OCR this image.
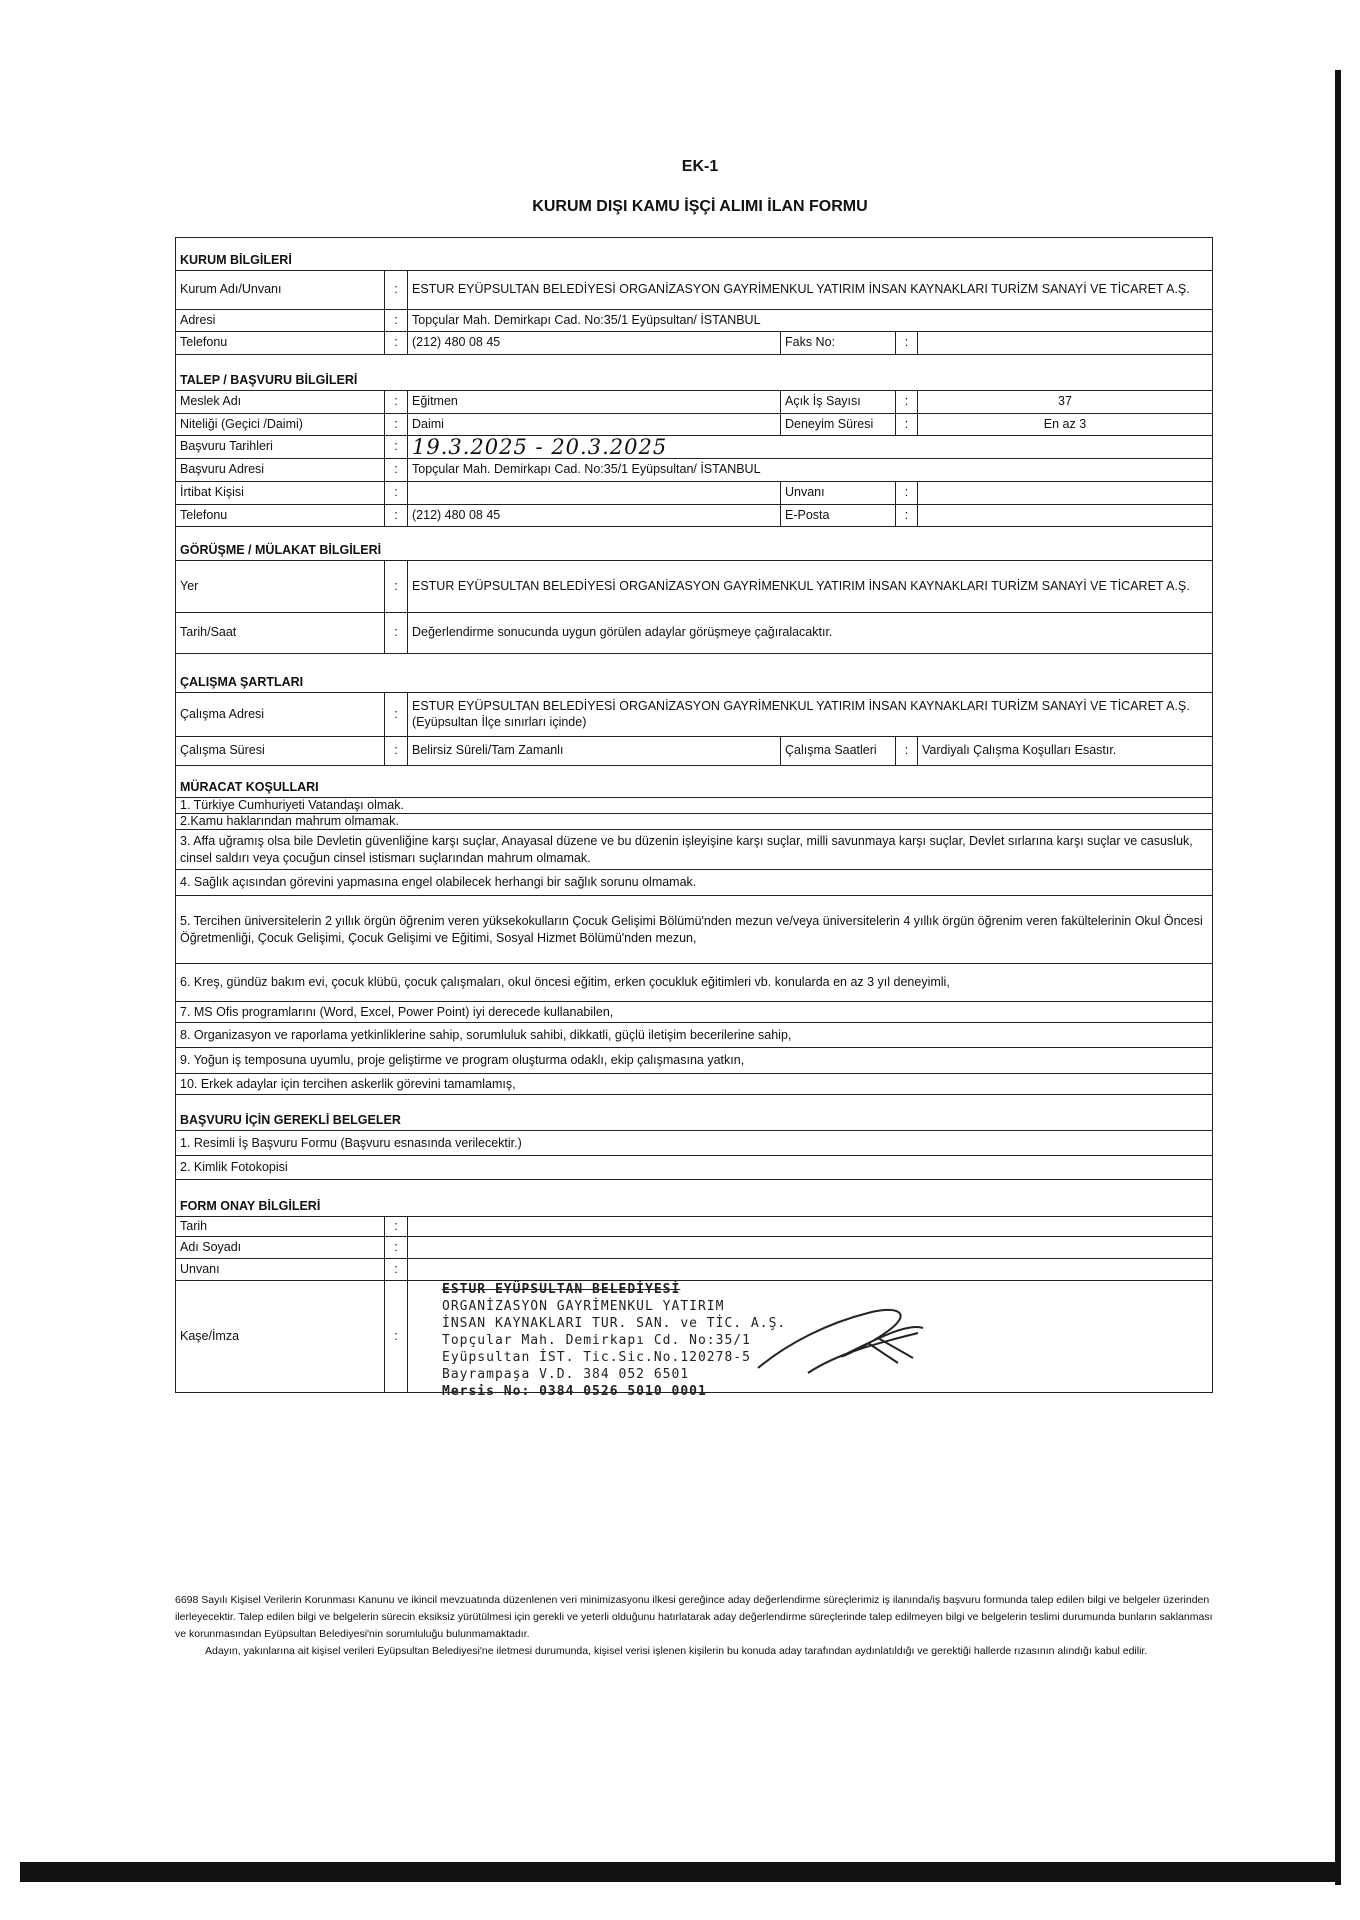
EK-1
KURUM DIŞI KAMU İŞÇİ ALIMI İLAN FORMU
KURUM BİLGİLERİ
Kurum Adı/Unvanı	:	ESTUR EYÜPSULTAN BELEDİYESİ ORGANİZASYON GAYRİMENKUL YATIRIM İNSAN KAYNAKLARI TURİZM SANAYİ VE TİCARET A.Ş.
Adresi	:	Topçular Mah. Demirkapı Cad. No:35/1 Eyüpsultan/ İSTANBUL
Telefonu	:	(212) 480 08 45	Faks No:	:
TALEP / BAŞVURU BİLGİLERİ
Meslek Adı	:	Eğitmen	Açık İş Sayısı	:	37
Niteliği (Geçici /Daimi)	:	Daimi	Deneyim Süresi	:	En az 3
Başvuru Tarihleri	: 19.3.2025 - 20.3.2025
Başvuru Adresi	:	Topçular Mah. Demirkapı Cad. No:35/1 Eyüpsultan/ İSTANBUL
İrtibat Kişisi	:	Unvanı	:
Telefonu	:	(212) 480 08 45	E-Posta	:
GÖRÜŞME / MÜLAKAT BİLGİLERİ
Yer	:	ESTUR EYÜPSULTAN BELEDİYESİ ORGANİZASYON GAYRİMENKUL YATIRIM İNSAN KAYNAKLARI TURİZM SANAYİ VE TİCARET A.Ş.
Tarih/Saat	:	Değerlendirme sonucunda uygun görülen adaylar görüşmeye çağıralacaktır.
ÇALIŞMA ŞARTLARI
Çalışma Adresi	:
ESTUR EYÜPSULTAN BELEDİYESİ ORGANİZASYON GAYRİMENKUL YATIRIM İNSAN KAYNAKLARI TURİZM SANAYİ VE TİCARET A.Ş. (Eyüpsultan İlçe sınırları içinde)
Çalışma Süresi	:	Belirsiz Süreli/Tam Zamanlı	Çalışma Saatleri	:	Vardiyalı Çalışma Koşulları Esastır.
MÜRACAT KOŞULLARI
1. Türkiye Cumhuriyeti Vatandaşı olmak.
2.Kamu haklarından mahrum olmamak.
3. Affa uğramış olsa bile Devletin güvenliğine karşı suçlar, Anayasal düzene ve bu düzenin işleyişine karşı suçlar, milli savunmaya karşı suçlar, Devlet sırlarına karşı suçlar ve casusluk, cinsel saldırı veya çocuğun cinsel istismarı suçlarından mahrum olmamak.
4. Sağlık açısından görevini yapmasına engel olabilecek herhangi bir sağlık sorunu olmamak.
5. Tercihen üniversitelerin 2 yıllık örgün öğrenim veren yüksekokulların Çocuk Gelişimi Bölümü'nden mezun ve/veya üniversitelerin 4 yıllık örgün öğrenim veren fakültelerinin Okul Öncesi Öğretmenliği, Çocuk Gelişimi, Çocuk Gelişimi ve Eğitimi, Sosyal Hizmet Bölümü'nden mezun,
6. Kreş, gündüz bakım evi, çocuk klübü, çocuk çalışmaları, okul öncesi eğitim, erken çocukluk eğitimleri vb. konularda en az 3 yıl deneyimli,
7. MS Ofis programlarını (Word, Excel, Power Point) iyi derecede kullanabilen,
8. Organizasyon ve raporlama yetkinliklerine sahip, sorumluluk sahibi, dikkatli, güçlü iletişim becerilerine sahip,
9. Yoğun iş temposuna uyumlu, proje geliştirme ve program oluşturma odaklı, ekip çalışmasına yatkın,
10. Erkek adaylar için tercihen askerlik görevini tamamlamış,
BAŞVURU İÇİN GEREKLİ BELGELER
1. Resimli İş Başvuru Formu (Başvuru esnasında verilecektir.)
2. Kimlik Fotokopisi
FORM ONAY BİLGİLERİ
Tarih	:
Adı Soyadı	:
Unvanı	:
Kaşe/İmza	:
ESTUR EYÜPSULTAN BELEDİYESİ
ORGANİZASYON GAYRİMENKUL YATIRIM
İNSAN KAYNAKLARI TUR. SAN. ve TİC. A.Ş.
Topçular Mah. Demirkapı Cd. No:35/1
Eyüpsultan İST. Tic.Sic.No.120278-5
Bayrampaşa V.D. 384 052 6501
Mersis No: 0384 0526 5010 0001

6698 Sayılı Kişisel Verilerin Korunması Kanunu ve ikincil mevzuatında düzenlenen veri minimizasyonu ilkesi gereğince aday değerlendirme süreçlerimiz iş ilanında/iş başvuru formunda talep edilen bilgi ve belgeler üzerinden ilerleyecektir. Talep edilen bilgi ve belgelerin sürecin eksiksiz yürütülmesi için gerekli ve yeterli olduğunu hatırlatarak aday değerlendirme süreçlerinde talep edilmeyen bilgi ve belgelerin teslimi durumunda bunların saklanması ve korunmasından Eyüpsultan Belediyesi'nin sorumluluğu bulunmamaktadır.

Adayın, yakınlarına ait kişisel verileri Eyüpsultan Belediyesi'ne iletmesi durumunda, kişisel verisi işlenen kişilerin bu konuda aday tarafından aydınlatıldığı ve gerektiği hallerde rızasının alındığı kabul edilir.
